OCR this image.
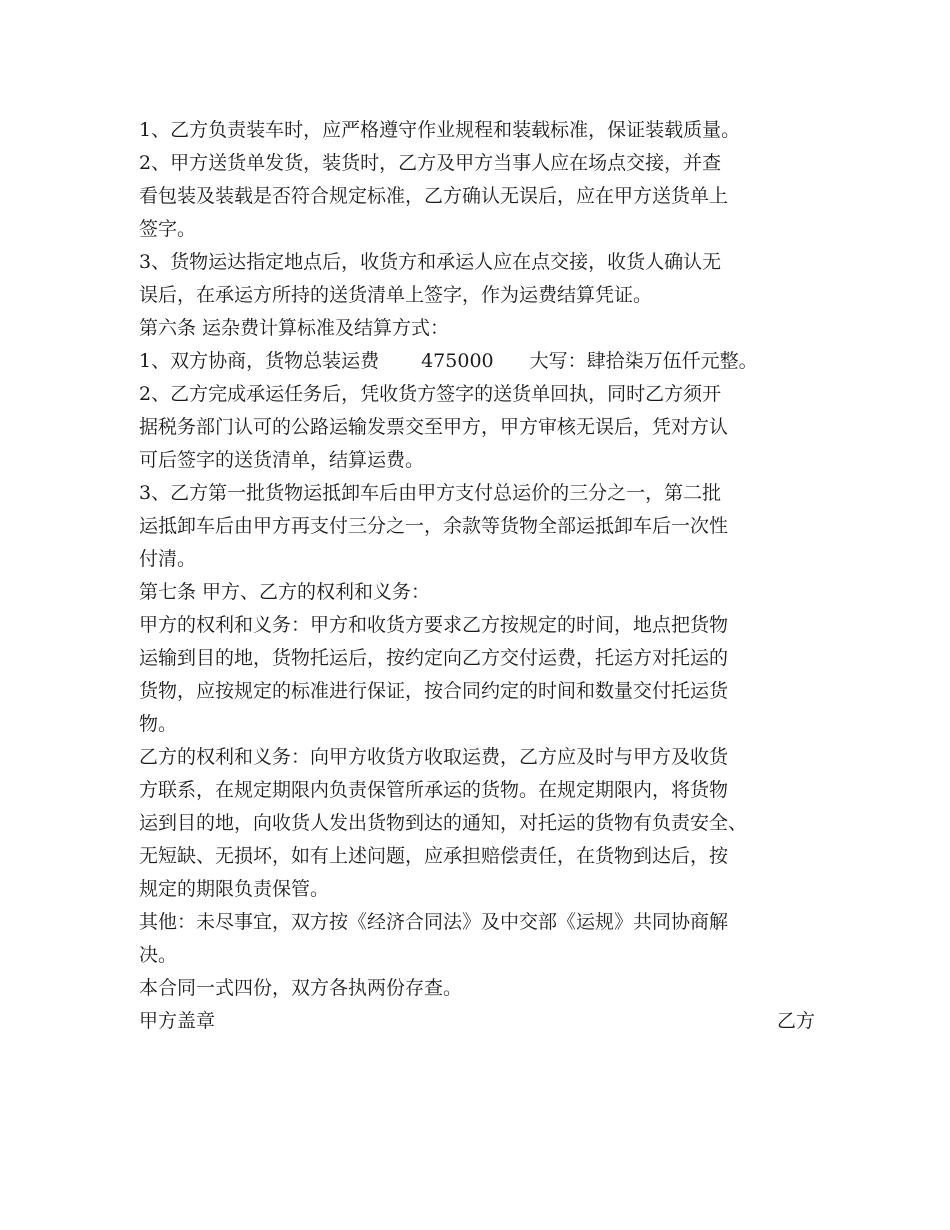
1、乙方负责装车时，应严格遵守作业规程和装载标准，保证装载质量。
2、甲方送货单发货，装货时，乙方及甲方当事人应在场点交接，并查
看包装及装载是否符合规定标准，乙方确认无误后，应在甲方送货单上
签字。
3、货物运达指定地点后，收货方和承运人应在点交接，收货人确认无
误后，在承运方所持的送货清单上签字，作为运费结算凭证。
第六条 运杂费计算标准及结算方式：
1、双方协商，货物总装运费 475000 大写：肆拾柒万伍仟元整。
2、乙方完成承运任务后，凭收货方签字的送货单回执，同时乙方须开
据税务部门认可的公路运输发票交至甲方，甲方审核无误后，凭对方认
可后签字的送货清单，结算运费。
3、乙方第一批货物运抵卸车后由甲方支付总运价的三分之一，第二批
运抵卸车后由甲方再支付三分之一，余款等货物全部运抵卸车后一次性
付清。
第七条 甲方、乙方的权利和义务：
甲方的权利和义务：甲方和收货方要求乙方按规定的时间，地点把货物
运输到目的地，货物托运后，按约定向乙方交付运费，托运方对托运的
货物，应按规定的标准进行保证，按合同约定的时间和数量交付托运货
物。
乙方的权利和义务：向甲方收货方收取运费，乙方应及时与甲方及收货
方联系，在规定期限内负责保管所承运的货物。在规定期限内，将货物
运到目的地，向收货人发出货物到达的通知，对托运的货物有负责安全、
无短缺、无损坏，如有上述问题，应承担赔偿责任，在货物到达后，按
规定的期限负责保管。
其他：未尽事宜，双方按《经济合同法》及中交部《运规》共同协商解
决。
本合同一式四份，双方各执两份存查。
甲方盖章	乙方
